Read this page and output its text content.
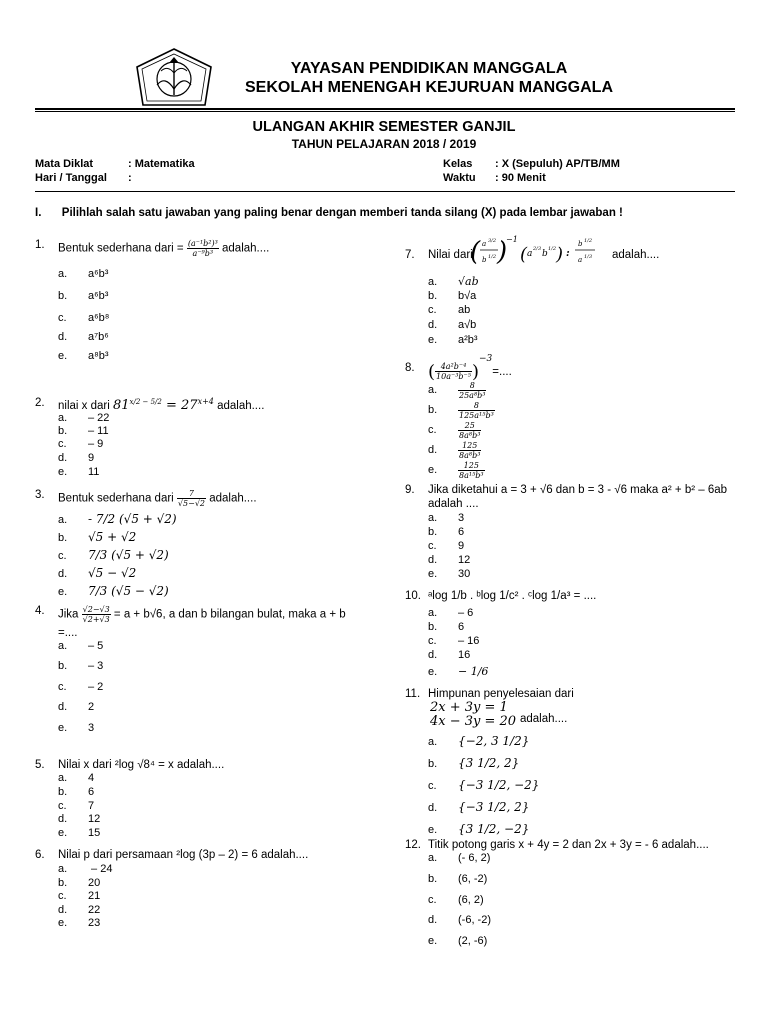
YAYASAN PENDIDIKAN MANGGALA
SEKOLAH MENENGAH KEJURUAN MANGGALA
ULANGAN AKHIR SEMESTER GANJIL
TAHUN PELAJARAN 2018 / 2019
Mata Diklat	: Matematika
Hari / Tanggal :
Kelas : X (Sepuluh) AP/TB/MM
Waktu : 90 Menit
I. Pilihlah salah satu jawaban yang paling benar dengan memberi tanda silang (X) pada lembar jawaban !
1. Bentuk sederhana dari = $\frac{\text{(a⁻¹b²)³}}{\text{a⁻⁹b³}}$ adalah....
a. a⁶b³
b. a⁶b³
c. a⁶b⁸
d. a⁷b⁶
e. a⁸b³
2. nilai x dari $81^{x/2 - 5/2} = 27^{x+4}$ adalah....
a. – 22
b. – 11
c. – 9
d. 9
e. 11
3. Bentuk sederhana dari $\frac{7}{√5-√2}$ adalah....
a. - 7/2 (√5 + √2)
b. √5 + √2
c. 7/3 (√5 + √2)
d. √5 − √2
e. 7/3 (√5 − √2)
4. Jika $\frac{√2-√3}{√2+√3} = a + b√6$, a dan b bilangan bulat, maka a + b
=....
a. – 5
b. – 3
c. – 2
d. 2
e. 3
5. Nilai x dari ²log √8⁴ = x adalah....
a. 4
b. 6
c. 7
d. 12
e. 15
6. Nilai p dari persamaan ²log (3p – 2) = 6 adalah....
a. – 24
b. 20
c. 21
d. 22
e. 23
7. Nilai dari
( a 3/2
b 1/2 )
−1
( a 2/3 b 1/2 ) :
b 1/2
a 1/3 adalah....
a. √ab
b. b√a
c. ab
d. a√b
e. a²b³
8. ( $\frac{\text{4a²b⁻⁴}}{\text{10a⁻³b⁻⁵}} )^{-3}=$....
a.	$\frac{8}{\text{25a⁸b³}}$
b.	$\frac{8}{\text{125a¹⁵b³}}$
c.	$\frac{25}{\text{8a⁸b³}}$
d.	$\frac{125}{\text{8a⁸b³}}$
e.	$\frac{125}{\text{8a¹⁵b³}}$
9. Jika diketahui a = 3 + √6 dan b = 3 - √6 maka a² + b² – 6ab
adalah ....
a. 3
b. 6
c. 9
d. 12
e. 30
10. ᵃlog 1/b . ᵇlog 1/c² . ᶜlog 1/a³ = ....
a. – 6
b. 6
c. – 16
d. 16
e. − 1/6
11. Himpunan penyelesaian dari
2x + 3y = 1
4x − 3y = 20 adalah....
a. {−2, 3 1/2}
b. {3 1/2, 2}
c. {−3 1/2, −2}
d. {−3 1/2, 2}
e. {3 1/2, −2}
12. Titik potong garis x + 4y = 2 dan 2x + 3y = - 6 adalah....
a. (- 6, 2)
b. (6, -2)
c. (6, 2)
d. (-6, -2)
e. (2, -6)
